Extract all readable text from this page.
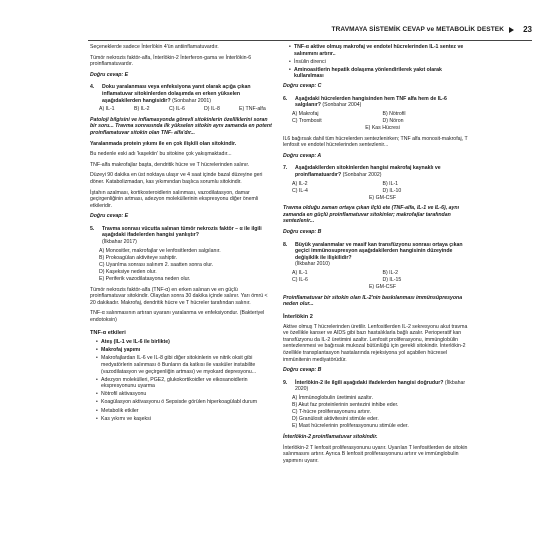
TRAVMAYA SİSTEMİK CEVAP ve METABOLİK DESTEK 23
Seçeneklerde sadece İnterlökin 4'ün antiinflamatuvardır.
Tümör nekrozis faktör-alfa, İnterlökin-2 İnterferon-gama ve İnterlökin-6 proinflamatuvardır.
Doğru cevap: E
4.	Doku yaralanması veya enfeksiyona yanıt olarak açığa çıkan inflamatuvar sitokinlerden dolaşımda en erken yükselen aşağıdakilerden hangisidir? (Sonbahar 2001)
A) IL-1	B) IL-2	C) IL-6	D) IL-8	E) TNF-alfa
Patoloji bilgisini ve inflamasyonda görevli sitokinlerin özelliklerini soran bir soru... Travma sonrasında ilk yükselen sitokin aynı zamanda en potent proinflamatuvar sitokin olan TNF- alfa'dır...
Yaralanmada protein yıkımı ile en çok ilişkili olan sitokindir.
Bu nedenle eski adı 'kaşektin' bu sitokine çok yakışmaktadır...
TNF-alfa makrofajlar başta, dendritik hücre ve T hücrelerinden salınır.
Düzeyi 90 dakika en üst noktaya ulaşır ve 4 saat içinde bazal düzeyine geri döner. Katabolizmadan, kas yıkımından başlıca sorumlu sitokindir.
İştahın azalması, kortikosteroidlerin salınması, vazodilatasyon, damar geçirgenliğinin artması, adezyon moleküllerinin ekspresyonu diğer önemli etkileridir.
Doğru cevap: E
5.	Travma sonrası vücutta salınan tümör nekrozis faktör – α ile ilgili aşağıdaki ifadelerden hangisi yanlıştır?
(İlkbahar 2017)
A) Monositler, makrofajlar ve lenfositlerden salgılanır.
B) Prokoagülan aktiviteye sahiptir.
C) Uyarılma sonrası salınım 2. saatten sonra olur.
D) Kaşeksiye neden olur.
E) Periferik vazodilatasyona neden olur.
Tümör nekrozis faktör-alfa (TNF-α) en erken salınan ve en güçlü proinflamatuvar sitokindir. Olaydan sonra 30 dakika içinde salınır. Yarı ömrü < 20 dakikadır. Makrofaj, dendritik hücre ve T hücreler tarafından salınır.
TNF-α salınmasının artıran uyaranı yaralanma ve enfeksiyondur. (Bakteriyel endotoksin)
TNF-α etkileri
• Ateş (IL-1 ve IL-6 ile birlikte)
• Makrofaj yapımı
• Makrofajlardan IL-6 ve IL-8 gibi diğer sitokinlerin ve nitrik oksit gibi medyatörlerin salınması ö Bunların da katkısı ile vasküler instabilite (vazodilatasyon ve geçirgenliğin artması) ve myokard depresyonu...
• Adezyon molekülleri, PGE2, glukokortikoidler ve eikosanoidlerin ekspresyonunu uyarma
• Nötrofil aktivasyonu
• Koagülasyon aktivasyonu ö Sepsisde görülen hiperkoagülabl durum
• Metabolik etkiler
• Kas yıkımı ve kaşeksi
• TNF-α aktive olmuş makrofaj ve endotel hücrelerinden IL-1 sentez ve salınımını artırır..
• İnsülin direnci
• Aminoasitlerin hepatik dolaşıma yönlendirilerek yakıt olarak kullanılması
Doğru cevap: C
6.	Aşağıdaki hücrelerden hangisinden hem TNF alfa hem de IL-6 salgılanır? (Sonbahar 2004)
A) Makrofaj	B) Nötrofil
C) Trombosit	D) Nöron
E) Kas Hücresi
IL6 bağırsak dahil tüm hücrelerden sentezlenirken; TNF alfa monosit-makrofaj, T lenfosit ve endotel hücrelerinden sentezlenir...
Doğru cevap: A
7.	Aşağıdakilerden sitokinlerden hangisi makrofaj kaynaklı ve proinflamatuardır? (Sonbahar 2002)
A) IL-2	B) IL-1
C) IL-4	D) IL-10
E) GM-CSF
Travma olduğu zaman ortaya çıkan ilçlü ete (TNF-alfa, IL-1 ve IL-6), aynı zamanda en güçlü proinflamatuvar sitokinler; makrofajlar tarafından sentezlenir...
Doğru cevap: B
8.	Büyük yaralanmalar ve masif kan transfüzyonu sonrası ortaya çıkan geçici immünosupresyon aşağıdakilerden hangisinin düzeyinde değişiklik ile ilişkilidir?
(İlkbahar 2010)
A) IL-1	B) IL-2
C) IL-6	D) IL-15
E) GM-CSF
Proinflamatuvar bir sitokin olan IL-2'nin baskılanması immünsüpresyona neden olur...
İnterlökin 2
Aktive olmuş T hücrelerinden üretilir. Lenfositlerden IL-2 sekresyonu akut travma ve özellikle kanser ve AIDS gibi bazı hastalıklarla bağlı azalır. Perioperatif kan transfüzyonu da IL-2 üretimini azaltır. Lenfosit proliferasyonu, immünglobülin sentezlenmesi ve bağırsak mukozal bütünlüğü için gerekli sitokindir. İnterlökin-2 özellikle transplantasyon hastalarında rejeksiyona yol açabilen hücresel immünitenin mediyatörüdür.
Doğru cevap: B
9.	İnterlökin-2 ile ilgili aşağıdaki ifadelerden hangisi doğrudur? (İlkbahar 2020)
A) İmmünoglobulin üretimini azaltır.
B) Akut faz proteinlerinin sentezini inhibe eder.
C) T-hücre proliferasyonunu artırır.
D) Granülosit aktivitesini stimüle eder.
E) Mast hücrelerinin proliferasyonunu stimüle eder.
İnterlökin-2 proinflamatuvar sitokindir.
İnterlökin-2 T lenfosit proliferasyonunu uyarır. Uyarılan T lenfositlerden de sitokin salınmasını artırır. Ayrıca B lenfosit proliferasyonunu artırır ve immünglobulin yapımını uyarır.
